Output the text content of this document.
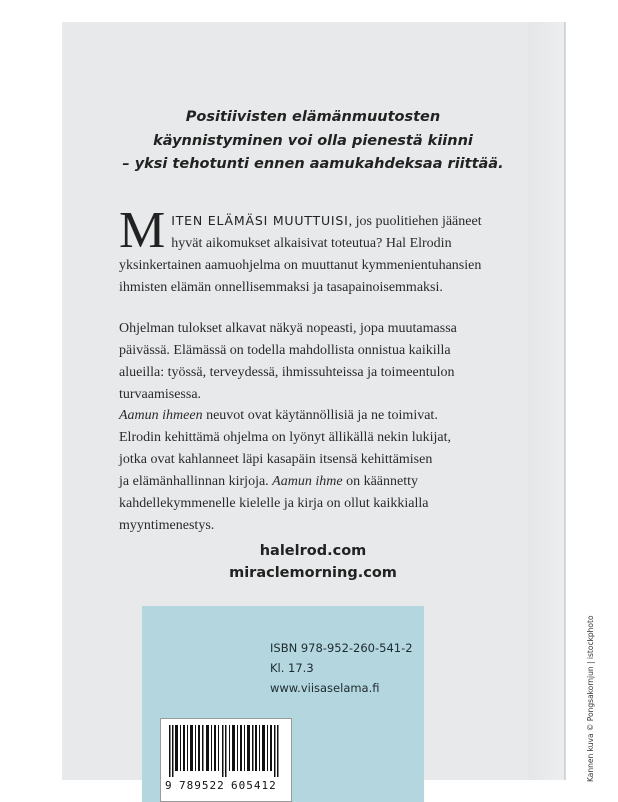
Positiivisten elämänmuutosten
käynnistyminen voi olla pienestä kiinni
– yksi tehotunti ennen aamukahdeksaa riittää.
M ITEN ELÄMÄSI MUUTTUISI, jos puolitiehen jääneet
hyvät aikomukset alkaisivat toteutua? Hal Elrodin
yksinkertainen aamuohjelma on muuttanut kymmenientuhansien
ihmisten elämän onnellisemmaksi ja tasapainoisemmaksi.
Ohjelman tulokset alkavat näkyä nopeasti, jopa muutamassa
päivässä. Elämässä on todella mahdollista onnistua kaikilla
alueilla: työssä, terveydessä, ihmissuhteissa ja toimeentulon
turvaamisessa.
Aamun ihmeen neuvot ovat käytännöllisiä ja ne toimivat.
Elrodin kehittämä ohjelma on lyönyt ällikällä nekin lukijat,
jotka ovat kahlanneet läpi kasapäin itsensä kehittämisen
ja elämänhallinnan kirjoja. Aamun ihme on käännetty
kahdellekymmenelle kielelle ja kirja on ollut kaikkialla
myyntimenestys.
halelrod.com
miraclemorning.com
ISBN 978-952-260-541-2
Kl. 17.3
www.viisaselama.fi
9 789522 605412
Kannen kuva © Pongsakornjun | istockphoto
